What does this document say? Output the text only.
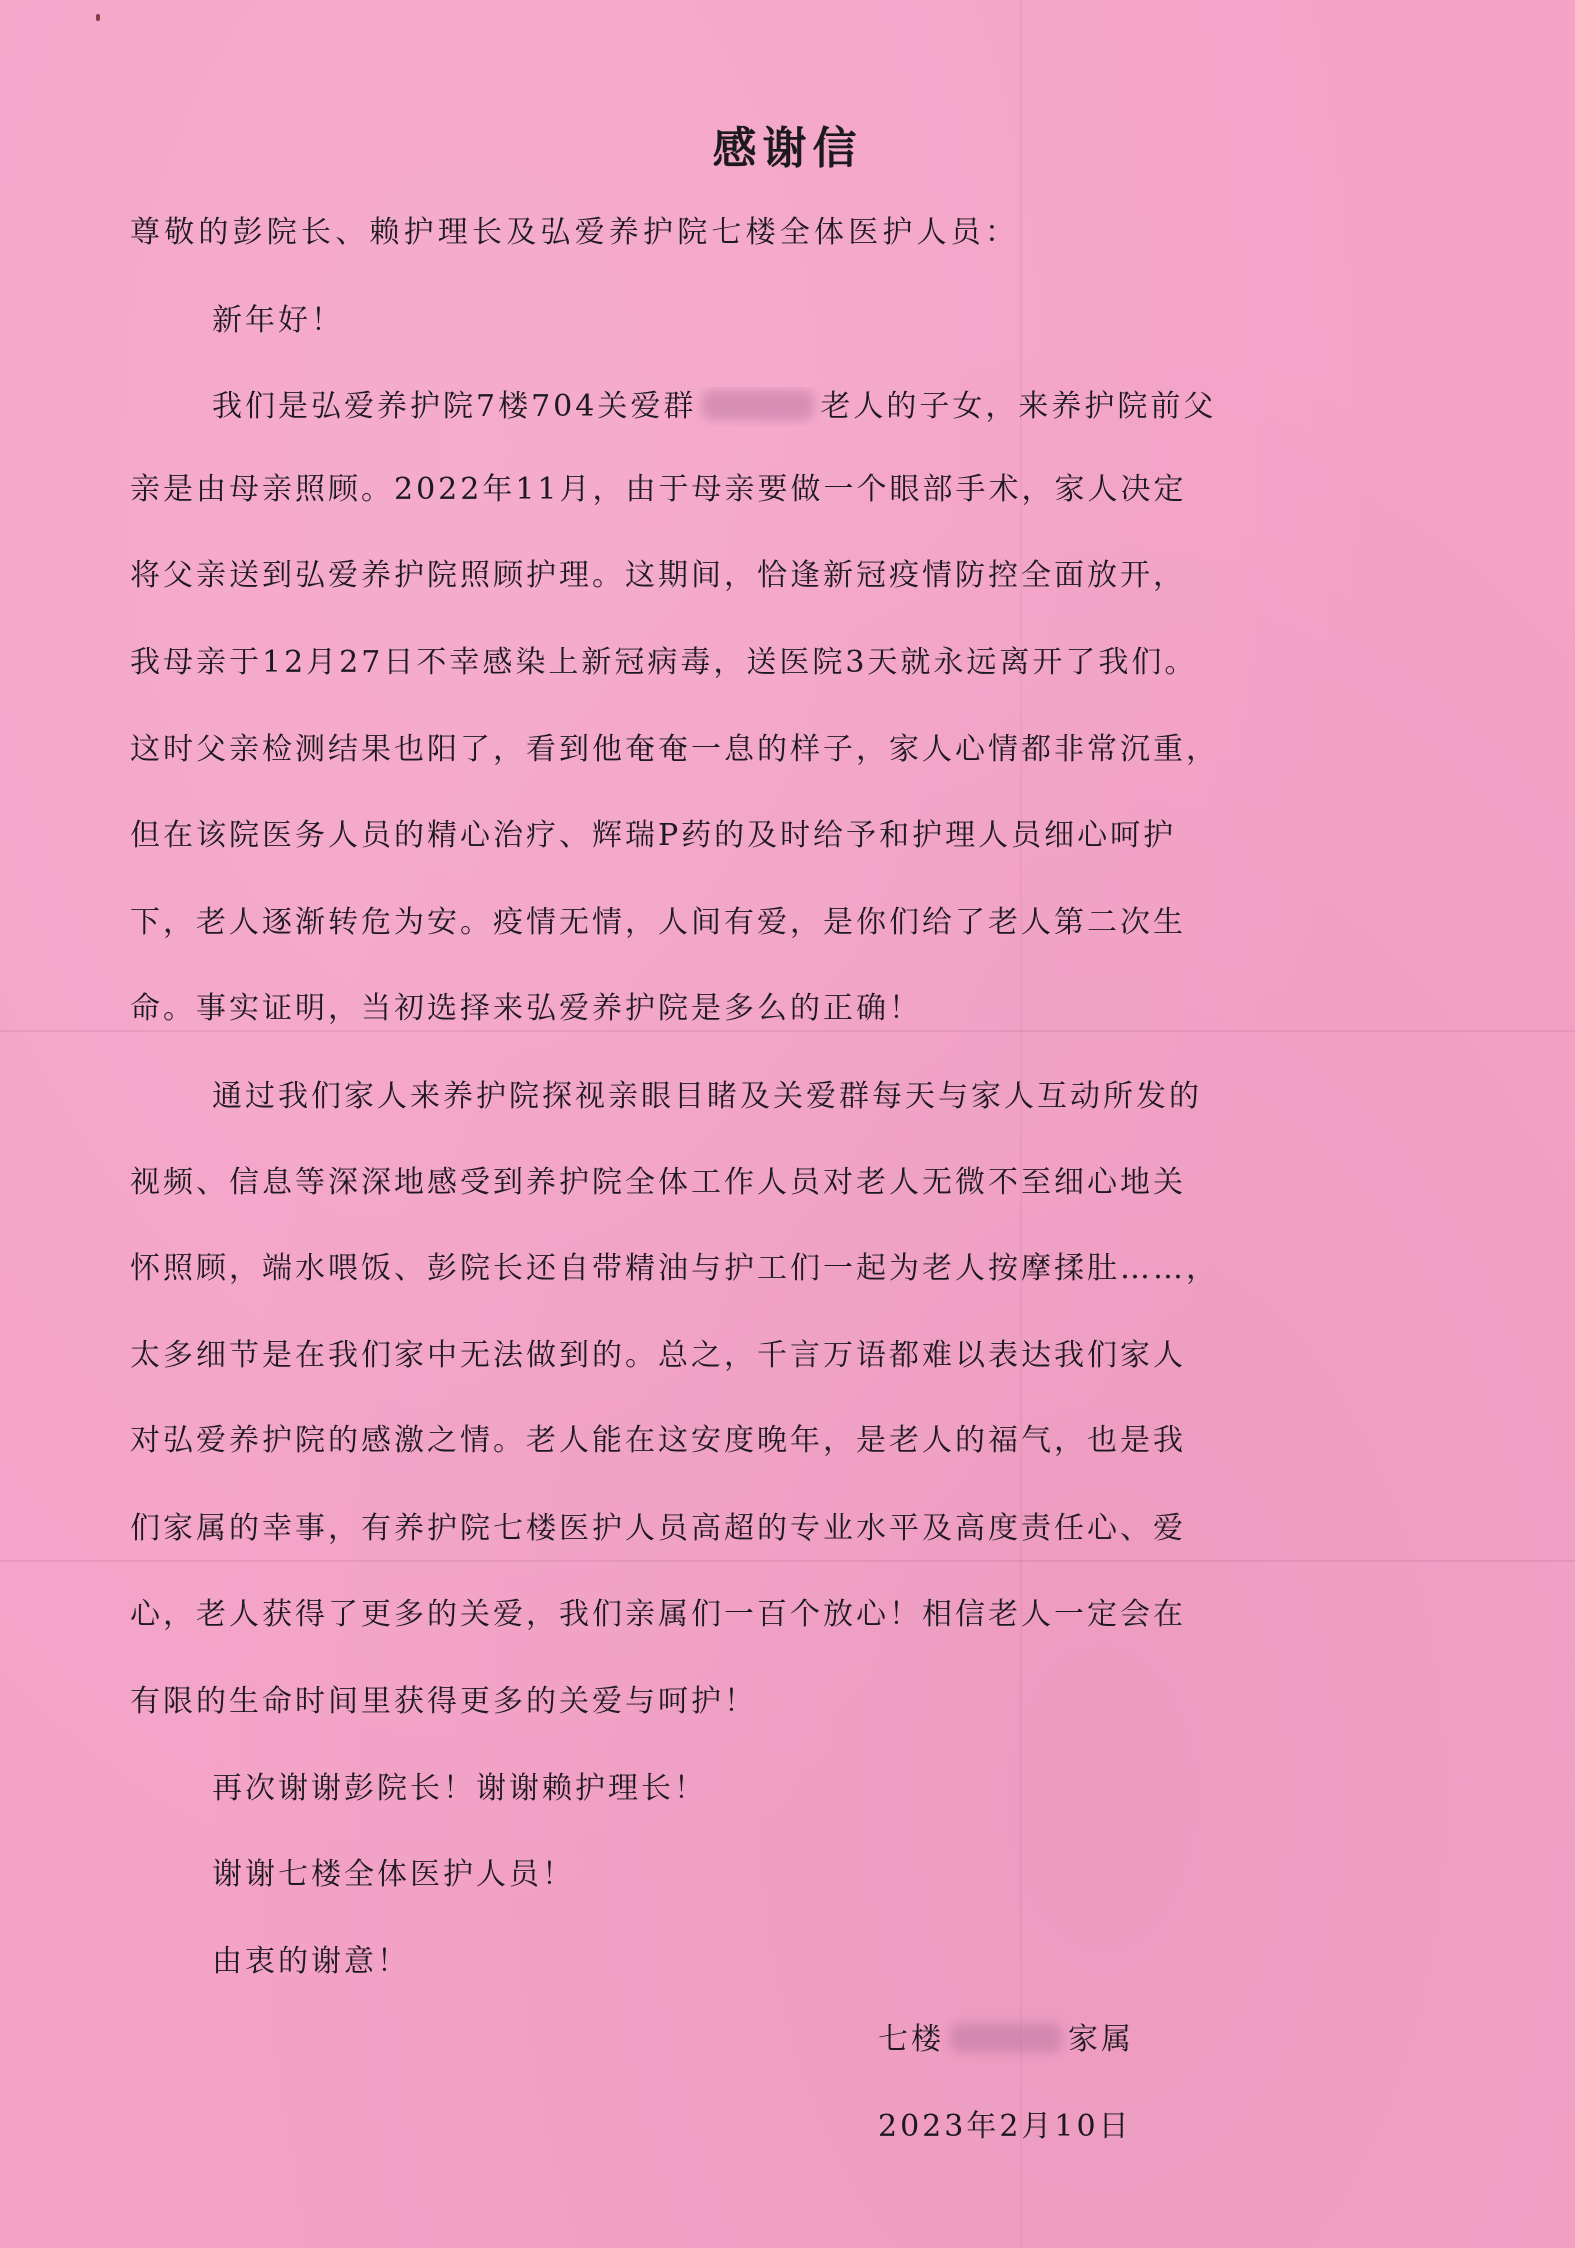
感谢信
尊敬的彭院长、赖护理长及弘爱养护院七楼全体医护人员：
新年好！
我们是弘爱养护院7楼704关爱群	老人的子女，来养护院前父
亲是由母亲照顾。2022年11月，由于母亲要做一个眼部手术，家人决定
将父亲送到弘爱养护院照顾护理。这期间，恰逢新冠疫情防控全面放开，
我母亲于12月27日不幸感染上新冠病毒，送医院3天就永远离开了我们。
这时父亲检测结果也阳了，看到他奄奄一息的样子，家人心情都非常沉重，
但在该院医务人员的精心治疗、辉瑞P药的及时给予和护理人员细心呵护
下，老人逐渐转危为安。疫情无情，人间有爱，是你们给了老人第二次生
命。事实证明，当初选择来弘爱养护院是多么的正确！
通过我们家人来养护院探视亲眼目睹及关爱群每天与家人互动所发的
视频、信息等深深地感受到养护院全体工作人员对老人无微不至细心地关
怀照顾，端水喂饭、彭院长还自带精油与护工们一起为老人按摩揉肚……，
太多细节是在我们家中无法做到的。总之，千言万语都难以表达我们家人
对弘爱养护院的感激之情。老人能在这安度晚年，是老人的福气，也是我
们家属的幸事，有养护院七楼医护人员高超的专业水平及高度责任心、爱
心，老人获得了更多的关爱，我们亲属们一百个放心！相信老人一定会在
有限的生命时间里获得更多的关爱与呵护！
再次谢谢彭院长！谢谢赖护理长！
谢谢七楼全体医护人员！
由衷的谢意！
七楼	家属
2023年2月10日
